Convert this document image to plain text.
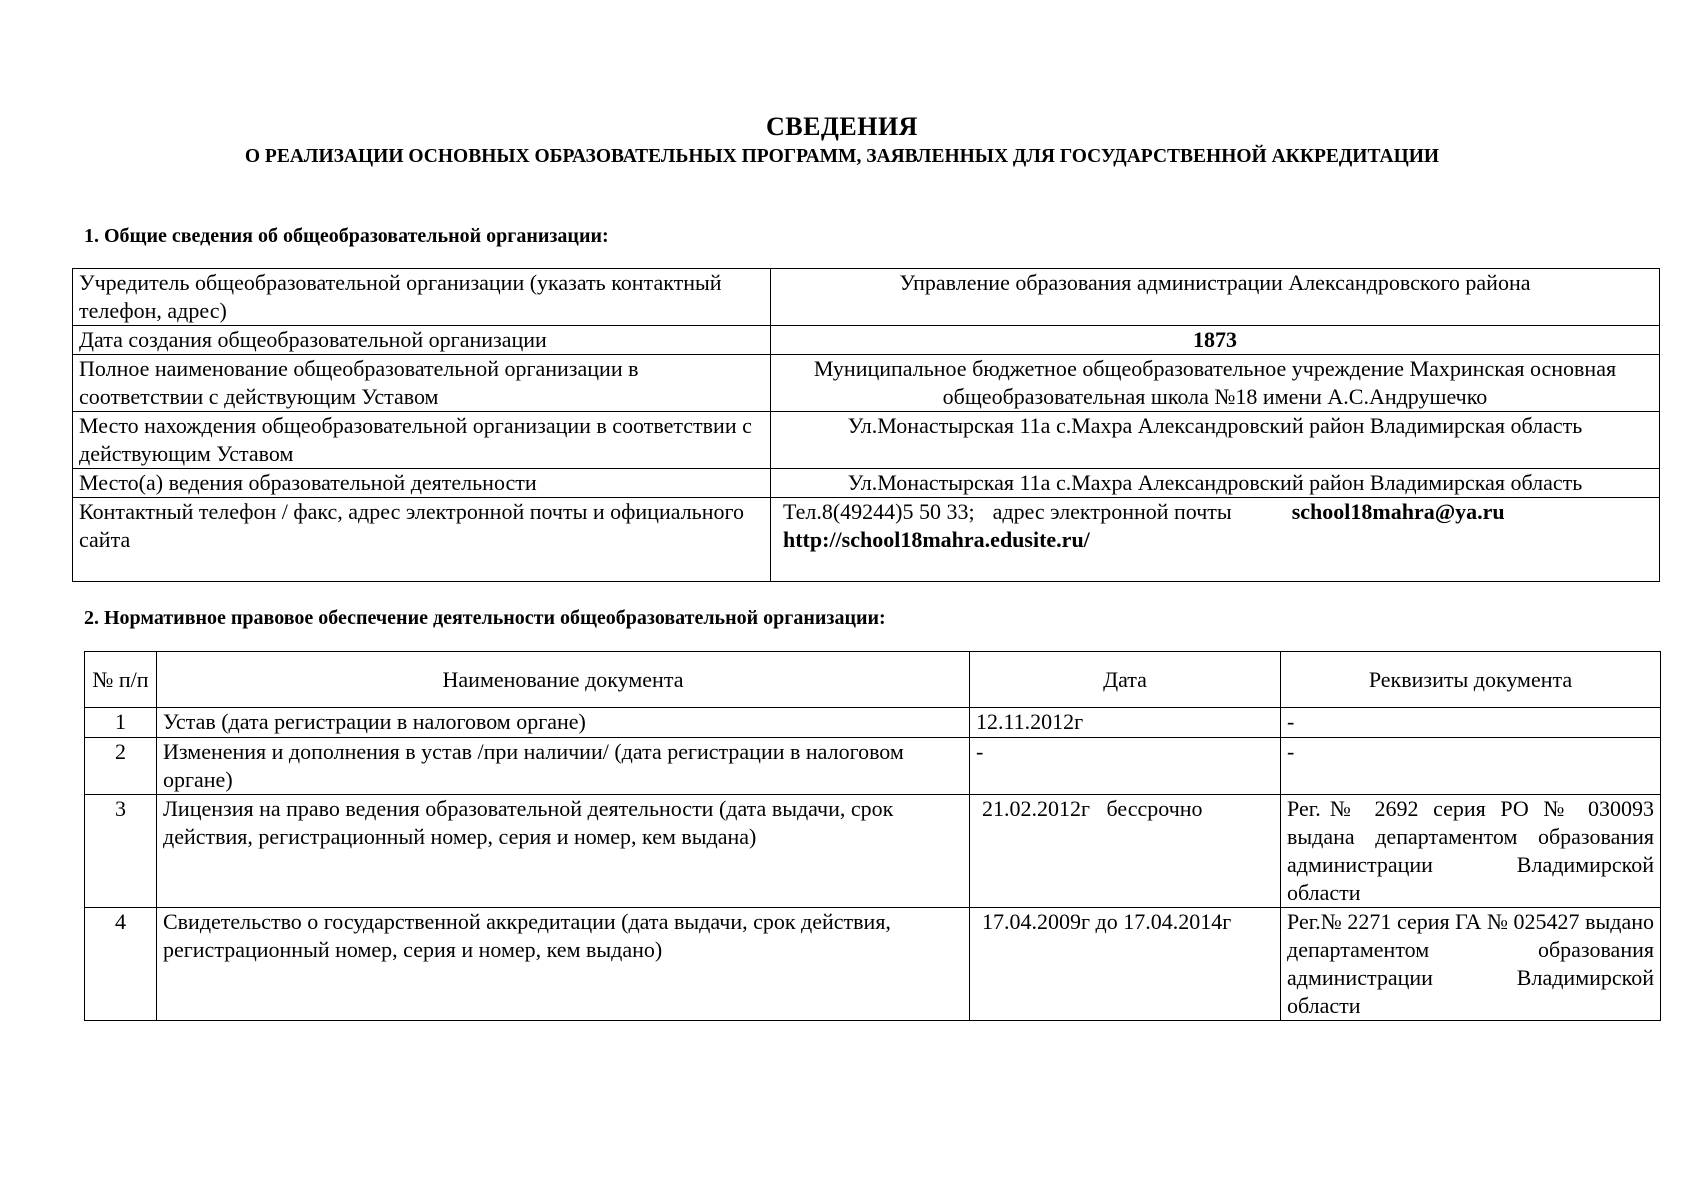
СВЕДЕНИЯ
О РЕАЛИЗАЦИИ ОСНОВНЫХ ОБРАЗОВАТЕЛЬНЫХ ПРОГРАММ, ЗАЯВЛЕННЫХ ДЛЯ ГОСУДАРСТВЕННОЙ АККРЕДИТАЦИИ
1. Общие сведения об общеобразовательной организации:
Учредитель общеобразовательной организации (указать контактный телефон, адрес)	Управление образования администрации Александровского района
Дата создания общеобразовательной организации	1873
Полное наименование общеобразовательной организации в соответствии с действующим Уставом	Муниципальное бюджетное общеобразовательное учреждение Махринская основная общеобразовательная школа №18 имени А.С.Андрушечко
Место нахождения общеобразовательной организации в соответствии с действующим Уставом	Ул.Монастырская 11а с.Махра Александровский район Владимирская область
Место(а) ведения образовательной деятельности	Ул.Монастырская 11а с.Махра Александровский район Владимирская область
Контактный телефон / факс, адрес электронной почты и официального сайта	Тел.8(49244)5 50 33; адрес электронной почты school18mahra@ya.ru
http://school18mahra.edusite.ru/
2. Нормативное правовое обеспечение деятельности общеобразовательной организации:
№ п/п	Наименование документа	Дата	Реквизиты документа
1	Устав (дата регистрации в налоговом органе)	12.11.2012г	-
2	Изменения и дополнения в устав /при наличии/ (дата регистрации в налоговом органе)	-	-
3	Лицензия на право ведения образовательной деятельности (дата выдачи, срок действия, регистрационный номер, серия и номер, кем выдана)	21.02.2012г   бессрочно	Рег.№ 2692 серия РО № 030093 выдана департаментом образования администрации Владимирской области
4	Свидетельство о государственной аккредитации (дата выдачи, срок действия, регистрационный номер, серия и номер, кем выдано)	17.04.2009г до 17.04.2014г	Рег.№ 2271 серия ГА № 025427 выдано департаментом образования администрации Владимирской области
